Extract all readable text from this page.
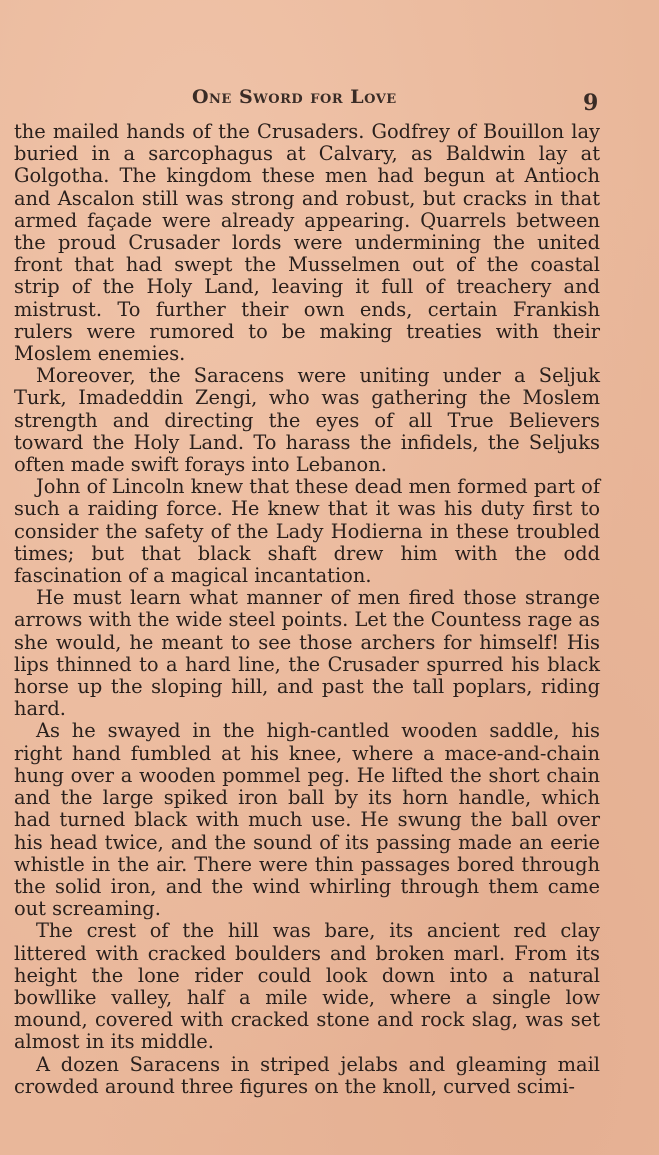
One Sword for Love	9

the mailed hands of the Crusaders. Godfrey of Bouillon lay buried in a sarcophagus at Calvary, as Baldwin lay at Golgotha. The kingdom these men had begun at Antioch and Ascalon still was strong and robust, but cracks in that armed façade were already appearing. Quarrels between the proud Crusader lords were undermining the united front that had swept the Musselmen out of the coastal strip of the Holy Land, leaving it full of treachery and mistrust. To further their own ends, certain Frankish rulers were rumored to be making treaties with their Moslem enemies.

Moreover, the Saracens were uniting under a Seljuk Turk, Imadeddin Zengi, who was gathering the Moslem strength and directing the eyes of all True Believers toward the Holy Land. To harass the infidels, the Seljuks often made swift forays into Lebanon.

John of Lincoln knew that these dead men formed part of such a raiding force. He knew that it was his duty first to consider the safety of the Lady Hodierna in these troubled times; but that black shaft drew him with the odd fascination of a magical incantation.

He must learn what manner of men fired those strange arrows with the wide steel points. Let the Countess rage as she would, he meant to see those archers for himself! His lips thinned to a hard line, the Crusader spurred his black horse up the sloping hill, and past the tall poplars, riding hard.

As he swayed in the high-cantled wooden saddle, his right hand fumbled at his knee, where a mace-and-chain hung over a wooden pommel peg. He lifted the short chain and the large spiked iron ball by its horn handle, which had turned black with much use. He swung the ball over his head twice, and the sound of its passing made an eerie whistle in the air. There were thin passages bored through the solid iron, and the wind whirling through them came out screaming.

The crest of the hill was bare, its ancient red clay littered with cracked boulders and broken marl. From its height the lone rider could look down into a natural bowllike valley, half a mile wide, where a single low mound, covered with cracked stone and rock slag, was set almost in its middle.

A dozen Saracens in striped jelabs and gleaming mail crowded around three figures on the knoll, curved scimi-
